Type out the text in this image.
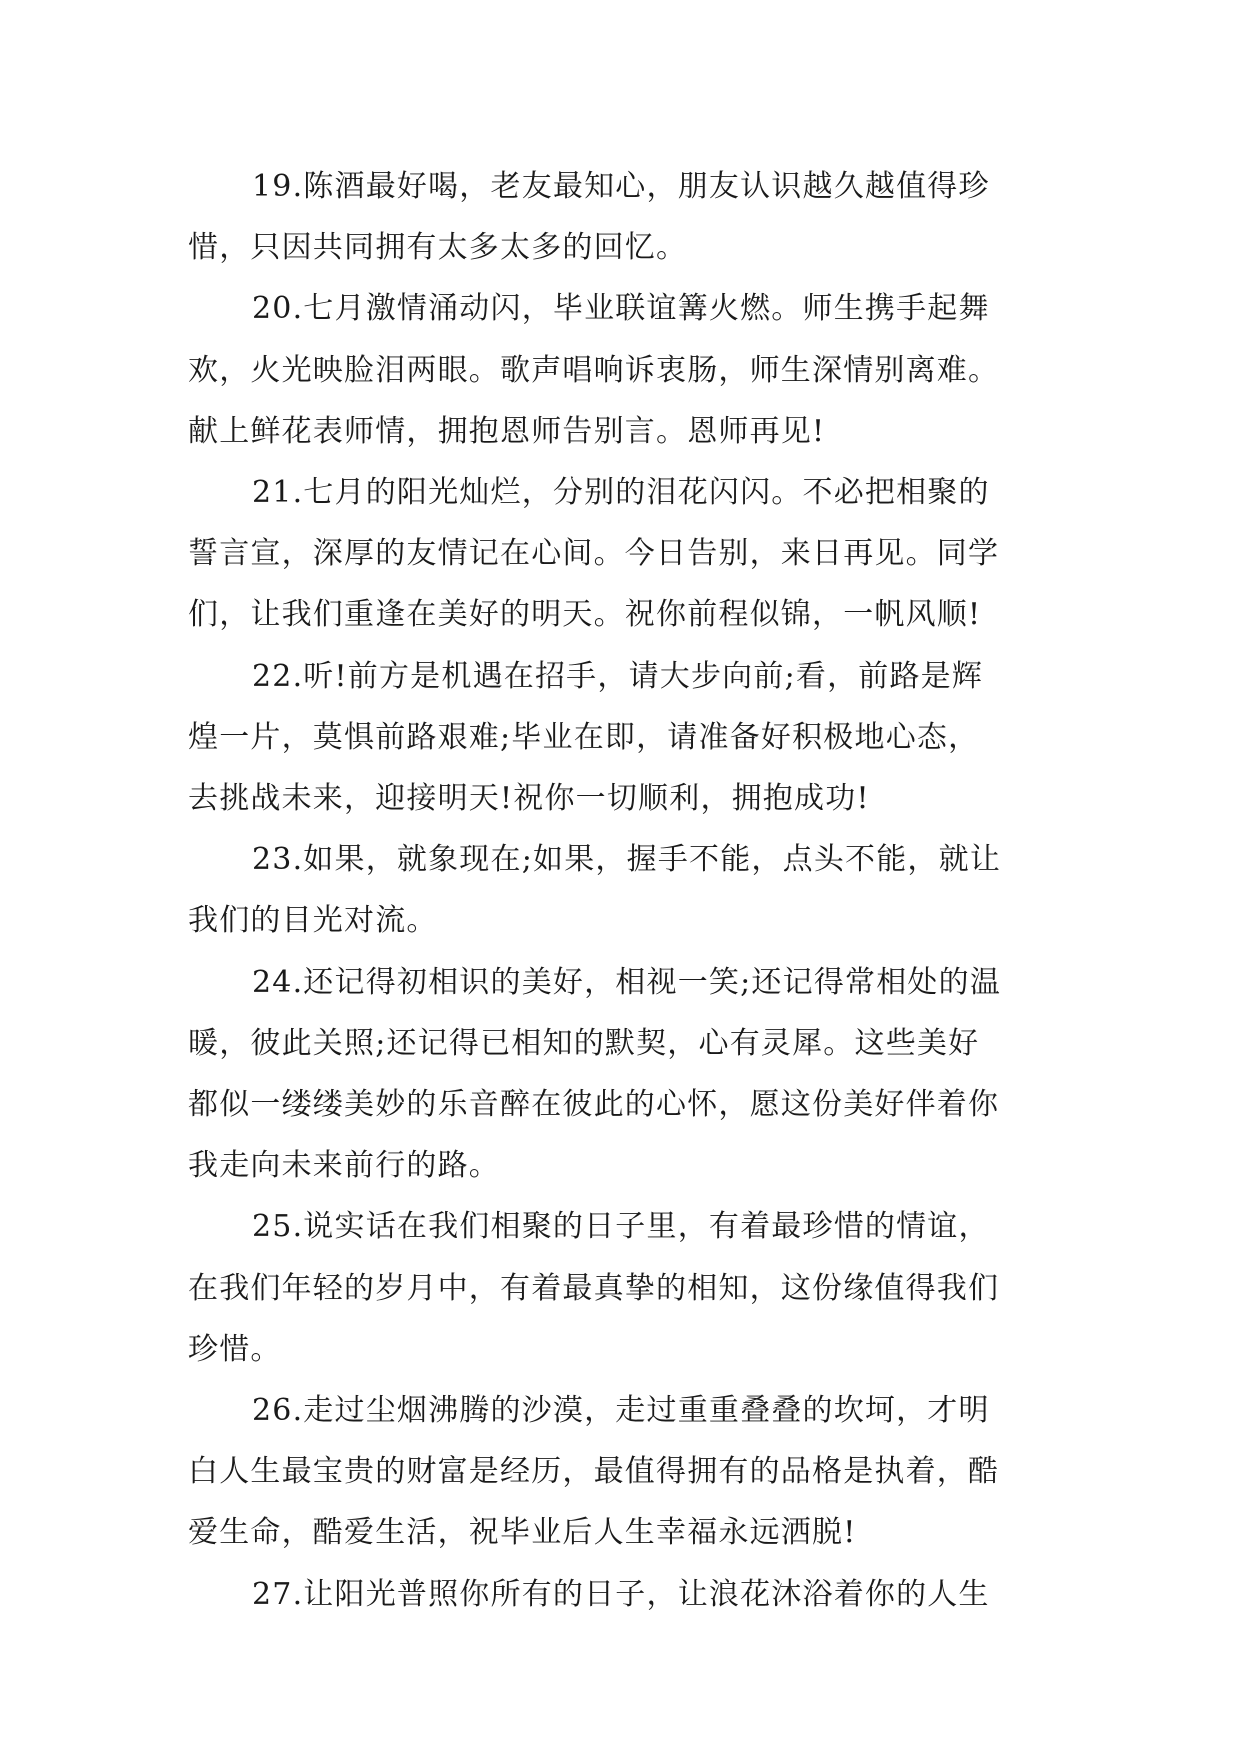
19.陈酒最好喝，老友最知心，朋友认识越久越值得珍
惜，只因共同拥有太多太多的回忆。

20.七月激情涌动闪，毕业联谊篝火燃。师生携手起舞
欢，火光映脸泪两眼。歌声唱响诉衷肠，师生深情别离难。
献上鲜花表师情，拥抱恩师告别言。恩师再见!

21.七月的阳光灿烂，分别的泪花闪闪。不必把相聚的
誓言宣，深厚的友情记在心间。今日告别，来日再见。同学
们，让我们重逢在美好的明天。祝你前程似锦，一帆风顺!

22.听!前方是机遇在招手，请大步向前;看，前路是辉
煌一片，莫惧前路艰难;毕业在即，请准备好积极地心态，
去挑战未来，迎接明天!祝你一切顺利，拥抱成功!

23.如果，就象现在;如果，握手不能，点头不能，就让
我们的目光对流。

24.还记得初相识的美好，相视一笑;还记得常相处的温
暖，彼此关照;还记得已相知的默契，心有灵犀。这些美好
都似一缕缕美妙的乐音醉在彼此的心怀，愿这份美好伴着你
我走向未来前行的路。

25.说实话在我们相聚的日子里，有着最珍惜的情谊，
在我们年轻的岁月中，有着最真挚的相知，这份缘值得我们
珍惜。

26.走过尘烟沸腾的沙漠，走过重重叠叠的坎坷，才明
白人生最宝贵的财富是经历，最值得拥有的品格是执着，酷
爱生命，酷爱生活，祝毕业后人生幸福永远洒脱!

27.让阳光普照你所有的日子，让浪花沐浴着你的人生
